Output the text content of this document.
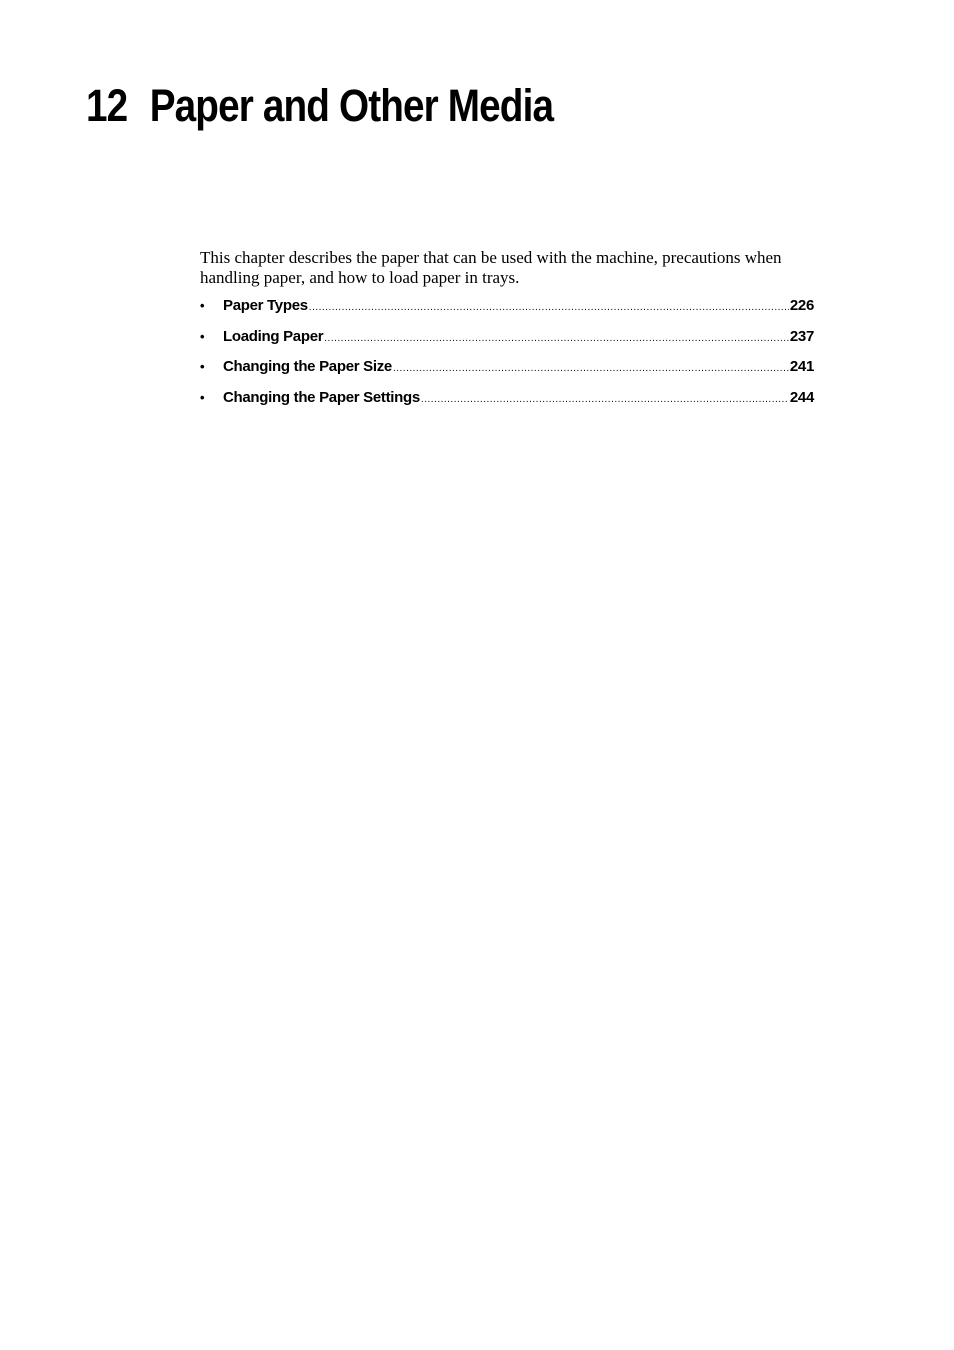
12 Paper and Other Media

This chapter describes the paper that can be used with the machine, precautions when handling paper, and how to load paper in trays.

•	Paper Types .....	226
•	Loading Paper .....	237
•	Changing the Paper Size .....	241
•	Changing the Paper Settings .....	244
